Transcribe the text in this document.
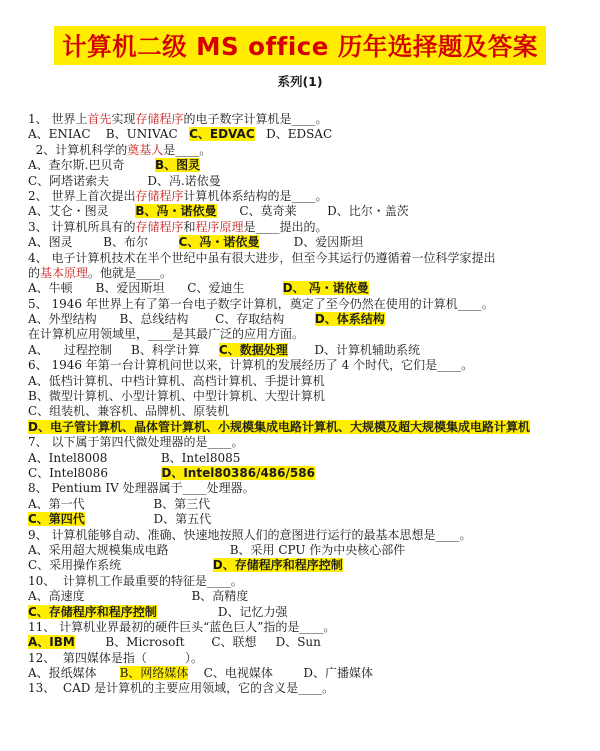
计算机二级 MS office 历年选择题及答案
系列(1)
1、 世界上首先实现存储程序的电子数字计算机是____。
A、ENIAC    B、UNIVAC   C、EDVAC   D、EDSAC
2、计算机科学的奠基人是____。
A、查尔斯.巴贝奇        B、图灵
C、阿塔诺索夫          D、冯.诺依曼
2、 世界上首次提出存储程序计算机体系结构的是____。
A、艾仑・图灵       B、冯・诺依曼      C、莫奇莱        D、比尔・盖茨
3、 计算机所具有的存储程序和程序原理是____提出的。
A、图灵        B、布尔        C、冯・诺依曼         D、爱因斯坦
4、 电子计算机技术在半个世纪中虽有很大进步，但至今其运行仍遵循着一位科学家提出
的基本原理。他就是____。
A、牛顿      B、爱因斯坦      C、爱迪生          D、 冯・诺依曼
5、 1946 年世界上有了第一台电子数字计算机，奠定了至今仍然在使用的计算机____。
A、外型结构      B、总线结构       C、存取结构        D、体系结构
在计算机应用领域里，____是其最广泛的应用方面。
A、    过程控制     B、科学计算     C、数据处理       D、计算机辅助系统
6、 1946 年第一台计算机问世以来，计算机的发展经历了 4 个时代，它们是____。
A、低档计算机、中档计算机、高档计算机、手提计算机
B、微型计算机、小型计算机、中型计算机、大型计算机
C、组装机、兼容机、品牌机、原装机
D、电子管计算机、晶体管计算机、小规模集成电路计算机、大规模及超大规模集成电路计算机
7、 以下属于第四代微处理器的是____。
A、Intel8008              B、Intel8085
C、Intel8086              D、Intel80386/486/586
8、 Pentium IV 处理器属于____处理器。
A、第一代                  B、第三代
C、第四代                  D、第五代
9、 计算机能够自动、准确、快速地按照人们的意图进行运行的最基本思想是____。
A、采用超大规模集成电路                B、采用 CPU 作为中央核心部件
C、采用操作系统                        D、存储程序和程序控制
10、  计算机工作最重要的特征是____。
A、高速度                            B、高精度
C、存储程序和程序控制                D、记忆力强
11、 计算机业界最初的硬件巨头“蓝色巨人”指的是____。
A、IBM        B、Microsoft       C、联想     D、Sun
12、  第四媒体是指（          ）。
A、报纸媒体      B、网络媒体    C、电视媒体        D、广播媒体
13、  CAD 是计算机的主要应用领域，它的含义是____。
